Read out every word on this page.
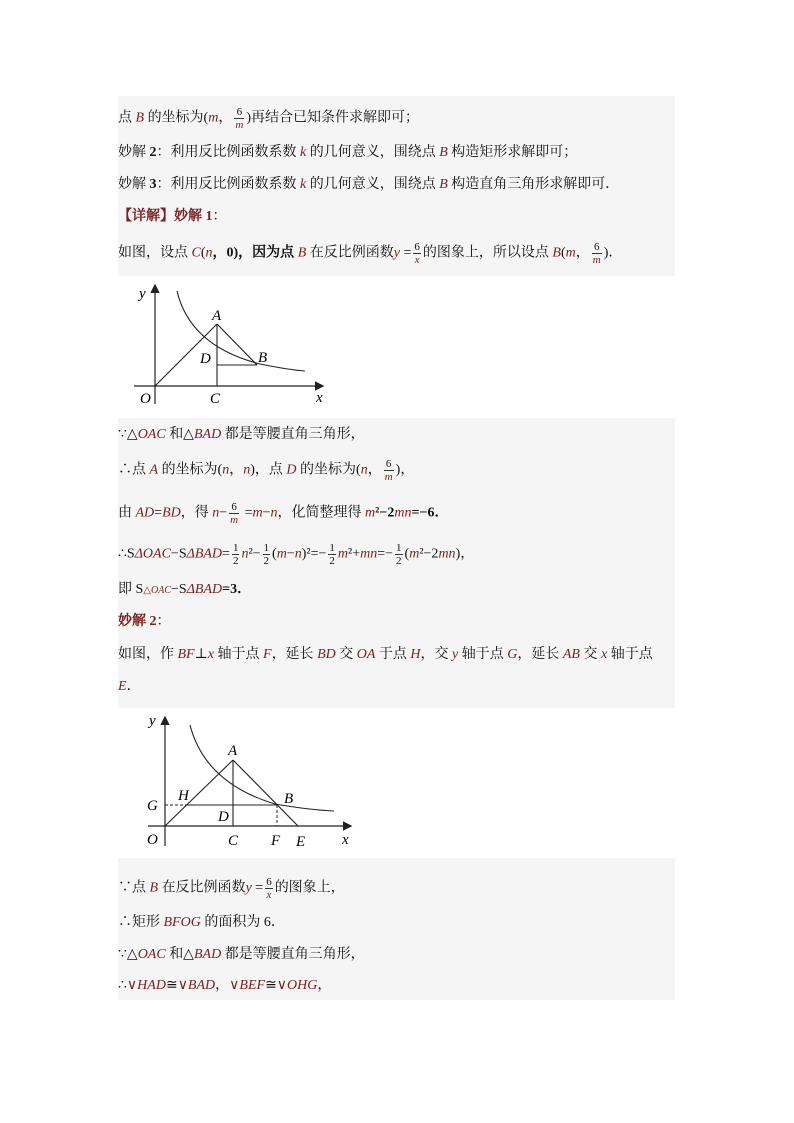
点 B 的坐标为(m， $\frac{6}{m}$ )再结合已知条件求解即可；
妙解 2：利用反比例函数系数 k 的几何意义，围绕点 B 构造矩形求解即可；
妙解 3：利用反比例函数系数 k 的几何意义，围绕点 B 构造直角三角形求解即可．
【详解】妙解 1：
如图，设点 C(n，0)，因为点 B 在反比例函数$y = \frac{6}{x}$ 的图象上，所以设点 B(m， $\frac{6}{m}$ )．
y
x
O	C
A
D	B
∵△OAC 和△BAD 都是等腰直角三角形，
∴点 A 的坐标为(n，n)，点 D 的坐标为(n， $\frac{6}{m}$ )，
由 AD=BD，得 $n- \frac{6}{m} =m-n$，化简整理得 m²−2mn=−6．
∴SΔOAC−SΔBAD= $\frac{1}{2} n^2- \frac{1}{2} (m-n)^2=- \frac{1}{2} m^2+mn=- \frac{1}{2} (m^2-2mn)$，
即 S△OAC−SΔBAD=3．
妙解 2：
如图，作 BF⊥x 轴于点 F，延长 BD 交 OA 于点 H，交 y 轴于点 G，延长 AB 交 x 轴于点
E．
y
x
O	C
A
D
B
H
G
F E
∵点 B 在反比例函数$y = \frac{6}{x}$ 的图象上，
∴矩形 BFOG 的面积为 6．
∵△OAC 和△BAD 都是等腰直角三角形，
∴∨HAD≅∨BAD，∨BEF≅∨OHG，
